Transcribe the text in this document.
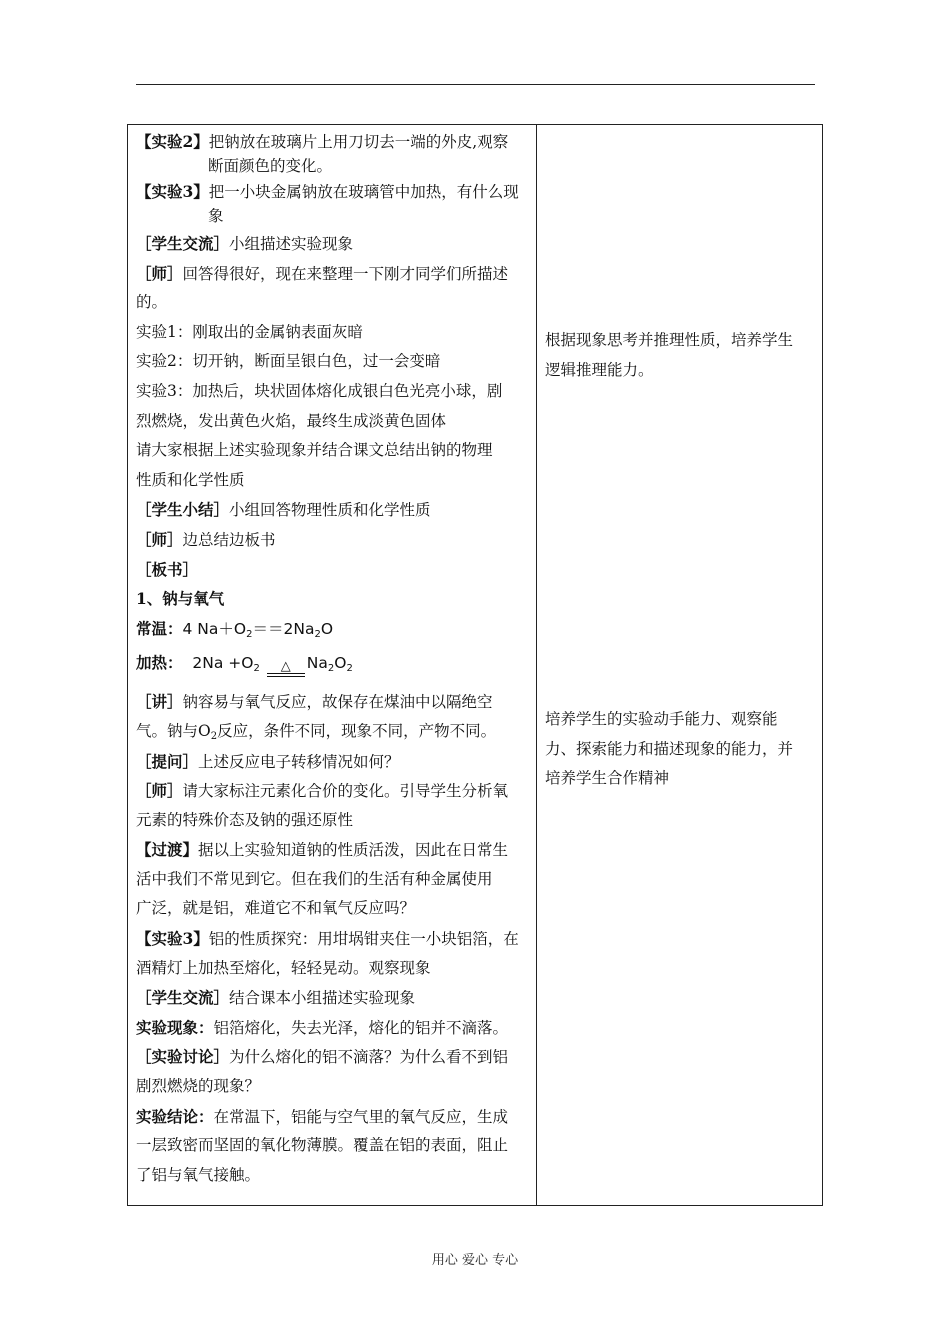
【实验2】把钠放在玻璃片上用刀切去一端的外皮,观察
断面颜色的变化。
【实验3】把一小块金属钠放在玻璃管中加热，有什么现
象
［学生交流］小组描述实验现象
［师］回答得很好，现在来整理一下刚才同学们所描述
的。
实验1：刚取出的金属钠表面灰暗
实验2：切开钠，断面呈银白色，过一会变暗
实验3：加热后，块状固体熔化成银白色光亮小球，剧
烈燃烧，发出黄色火焰，最终生成淡黄色固体
请大家根据上述实验现象并结合课文总结出钠的物理
性质和化学性质
［学生小结］小组回答物理性质和化学性质
［师］边总结边板书
［板书］
1、钠与氧气
常温：4 $Na+O_2==2Na_2O$
加热： $2Na +O_2$	△	$Na_2O_2$
［讲］钠容易与氧气反应，故保存在煤油中以隔绝空
气。钠与$O_2$反应，条件不同，现象不同，产物不同。
［提问］上述反应电子转移情况如何？
［师］请大家标注元素化合价的变化。引导学生分析氧
元素的特殊价态及钠的强还原性
【过渡】据以上实验知道钠的性质活泼，因此在日常生
活中我们不常见到它。但在我们的生活有种金属使用
广泛，就是铝，难道它不和氧气反应吗？
【实验3】铝的性质探究：用坩埚钳夹住一小块铝箔，在
酒精灯上加热至熔化，轻轻晃动。观察现象
［学生交流］结合课本小组描述实验现象
实验现象：铝箔熔化，失去光泽，熔化的铝并不滴落。
［实验讨论］为什么熔化的铝不滴落？为什么看不到铝
剧烈燃烧的现象？
实验结论：在常温下，铝能与空气里的氧气反应，生成
一层致密而坚固的氧化物薄膜。覆盖在铝的表面，阻止
了铝与氧气接触。
根据现象思考并推理性质，培养学生
逻辑推理能力。
培养学生的实验动手能力、观察能
力、探索能力和描述现象的能力，并
培养学生合作精神
用心 爱心 专心
